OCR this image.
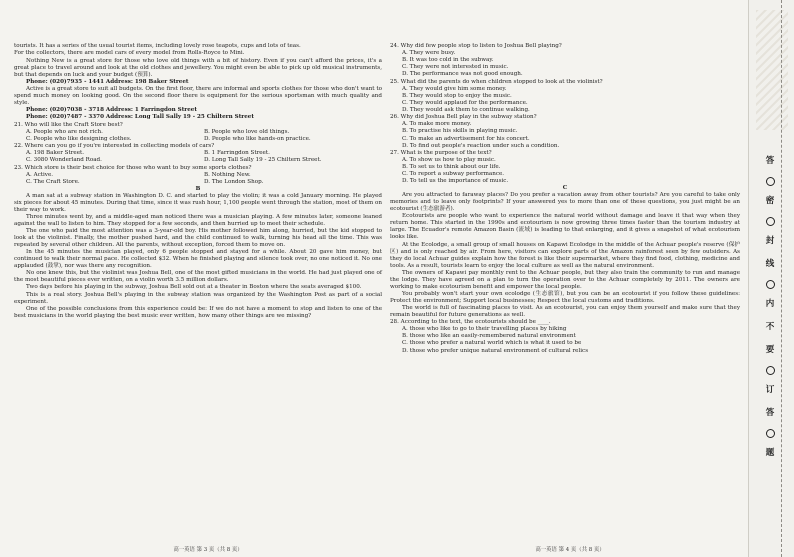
tourists. It has a series of the usual tourist items, including lovely rose teapots, cups and lots of teas.

For the collectors, there are model cars of every model from Rolls-Royce to Mini.

Nothing New is a great store for those who love old things with a bit of history. Even if you can't afford the prices, it's a great place to travel around and look at the old clothes and jewellery. You might even be able to pick up old musical instruments, but that depends on luck and your budget (预算).

Phone: (020)7935 - 1441 Address: 198 Baker Street

Active is a great store to suit all budgets. On the first floor, there are informal and sports clothes for those who don't want to spend much money on looking good. On the second floor there is equipment for the serious sportsman with much quality and style.

Phone: (020)7038 - 3718 Address: 1 Farringdon Street

Phone: (020)7487 - 3370 Address: Long Tall Sally 19 - 25 Chiltern Street

21. Who will like the Craft Store best?

A. People who are not rich.	B. People who love old things.
C. People who like designing clothes.	D. People who like hands-on practice.

22. Where can you go if you're interested in collecting models of cars?

A. 198 Baker Street.	B. 1 Farringdon Street.
C. 3080 Wonderland Road.	D. Long Tall Sally 19 - 25 Chiltern Street.

23. Which store is their best choice for those who want to buy some sports clothes?

A. Active.	B. Nothing New.
C. The Craft Store.	D. The London Shop.

B

A man sat at a subway station in Washington D. C. and started to play the violin; it was a cold January morning. He played six pieces for about 45 minutes. During that time, since it was rush hour, 1,100 people went through the station, most of them on their way to work.

Three minutes went by, and a middle-aged man noticed there was a musician playing. A few minutes later, someone leaned against the wall to listen to him. They stopped for a few seconds, and then hurried up to meet their schedule.

The one who paid the most attention was a 3-year-old boy. His mother followed him along, hurried, but the kid stopped to look at the violinist. Finally, the mother pushed hard, and the child continued to walk, turning his head all the time. This was repeated by several other children. All the parents, without exception, forced them to move on.

In the 45 minutes the musician played, only 6 people stopped and stayed for a while. About 20 gave him money, but continued to walk their normal pace. He collected $32. When he finished playing and silence took over, no one noticed it. No one applauded (鼓掌), nor was there any recognition.

No one knew this, but the violinist was Joshua Bell, one of the most gifted musicians in the world. He had just played one of the most beautiful pieces ever written, on a violin worth 3.5 million dollars.

Two days before his playing in the subway, Joshua Bell sold out at a theater in Boston where the seats averaged $100.

This is a real story. Joshua Bell's playing in the subway station was organized by the Washington Post as part of a social experiment.

One of the possible conclusions from this experience could be: If we do not have a moment to stop and listen to one of the best musicians in the world playing the best music ever written, how many other things are we missing?

高一英语 第 3 页（共 8 页）

24. Why did few people stop to listen to Joshua Bell playing?

A. They were busy.

B. It was too cold in the subway.

C. They were not interested in music.

D. The performance was not good enough.

25. What did the parents do when children stopped to look at the violinist?

A. They would give him some money.

B. They would stop to enjoy the music.

C. They would applaud for the performance.

D. They would ask them to continue walking.

26. Why did Joshua Bell play in the subway station?

A. To make more money.

B. To practise his skills in playing music.

C. To make an advertisement for his concert.

D. To find out people's reaction under such a condition.

27. What is the purpose of the text?

A. To show us how to play music.

B. To set us to think about our life.

C. To report a subway performance.

D. To tell us the importance of music.

C

Are you attracted to faraway places? Do you prefer a vacation away from other tourists? Are you careful to take only memories and to leave only footprints? If your answered yes to more than one of these questions, you just might be an ecotourist (生态旅游者).

Ecotourists are people who want to experience the natural world without damage and leave it that way when they return home. This started in the 1990s and ecotourism is now growing three times faster than the tourism industry at large. The Ecuador's remote Amazon Basin (流域) is leading to that enlarging, and it gives a snapshot of what ecotourism looks like.

At the Ecolodge, a small group of small houses on Kapawi Ecolodge in the middle of the Achuar people's reserve (保护区) and is only reached by air. From here, visitors can explore parts of the Amazon rainforest seen by few outsiders. As they do local Achuar guides explain how the forest is like their supermarket, where they find food, clothing, medicine and tools. As a result, tourists learn to enjoy the local culture as well as the natural environment.

The owners of Kapawi pay monthly rent to the Achuar people, but they also train the community to run and manage the lodge. They have agreed on a plan to turn the operation over to the Achuar completely by 2011. The owners are working to make ecotourism benefit and empower the local people.

You probably won't start your own ecolodge (生态旅馆), but you can be an ecotourist if you follow these guidelines: Protect the environment; Support local businesses; Respect the local customs and traditions.

The world is full of fascinating places to visit. As an ecotourist, you can enjoy them yourself and make sure that they remain beautiful for future generations as well.

28. According to the text, the ecotourists should be ____.

A. those who like to go to their travelling places by hiking

B. those who like an easily-remembered natural environment

C. those who prefer a natural world which is what it used to be

D. those who prefer unique natural environment of cultural relics

高一英语 第 4 页（共 8 页）
答
密
封
线
内
不
要
订
答
题
